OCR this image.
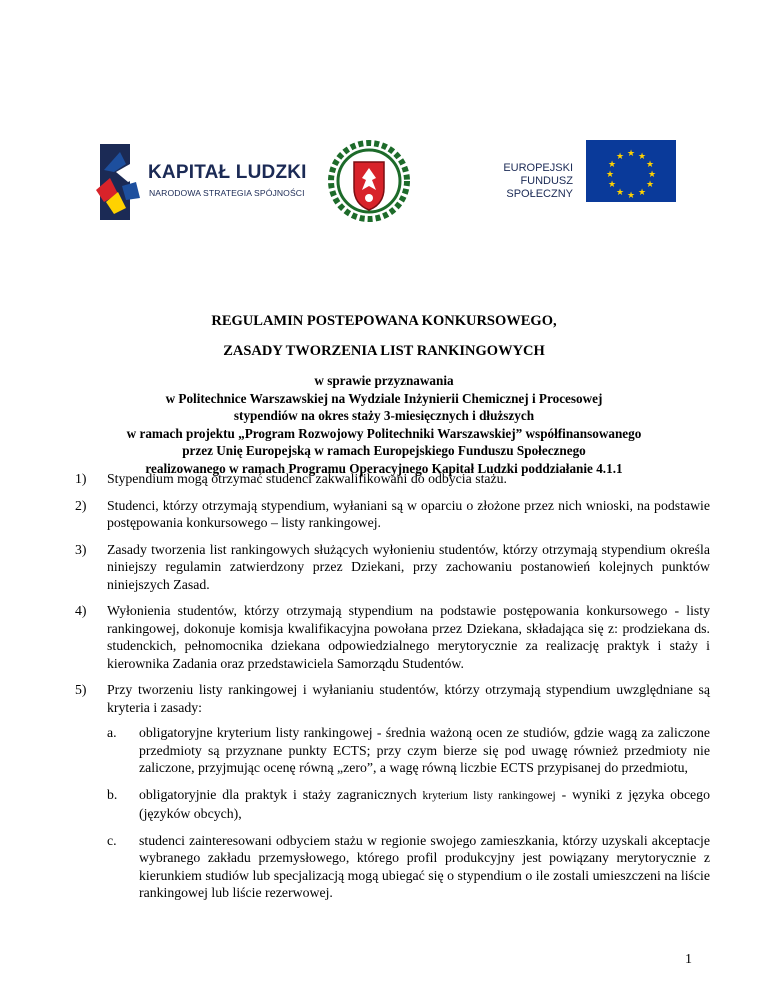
KAPITAŁ LUDZKI
NARODOWA STRATEGIA SPÓJNOŚCI
EUROPEJSKI
FUNDUSZ SPOŁECZNY
★ ★
★
★
★
★
★
★
★
★
★
★
REGULAMIN POSTEPOWANA KONKURSOWEGO,
ZASADY TWORZENIA LIST RANKINGOWYCH
w sprawie przyznawania
w Politechnice Warszawskiej na Wydziale Inżynierii Chemicznej i Procesowej
stypendiów na okres staży 3-miesięcznych i dłuższych
w ramach projektu „Program Rozwojowy Politechniki Warszawskiej” współfinansowanego
przez Unię Europejską w ramach Europejskiego Funduszu Społecznego
realizowanego w ramach Programu Operacyjnego Kapitał Ludzki poddziałanie 4.1.1
1) Stypendium mogą otrzymać studenci zakwalifikowani do odbycia stażu.
2) Studenci, którzy otrzymają stypendium, wyłaniani są w oparciu o złożone przez nich wnioski, na podstawie postępowania konkursowego – listy rankingowej.
3) Zasady tworzenia list rankingowych służących wyłonieniu studentów, którzy otrzymają stypendium określa niniejszy regulamin zatwierdzony przez Dziekani, przy zachowaniu postanowień kolejnych punktów niniejszych Zasad.
4) Wyłonienia studentów, którzy otrzymają stypendium na podstawie postępowania konkursowego - listy rankingowej, dokonuje komisja kwalifikacyjna powołana przez Dziekana, składająca się z: prodziekana ds. studenckich, pełnomocnika dziekana odpowiedzialnego merytorycznie za realizację praktyk i staży i kierownika Zadania oraz przedstawiciela Samorządu Studentów.
5) Przy tworzeniu listy rankingowej i wyłanianiu studentów, którzy otrzymają stypendium uwzględniane są kryteria i zasady:
a. obligatoryjne kryterium listy rankingowej - średnia ważoną ocen ze studiów, gdzie wagą za zaliczone przedmioty są przyznane punkty ECTS; przy czym bierze się pod uwagę również przedmioty nie zaliczone, przyjmując ocenę równą „zero”, a wagę równą liczbie ECTS przypisanej do przedmiotu,
b. obligatoryjnie dla praktyk i staży zagranicznych kryterium listy rankingowej - wyniki z języka obcego (języków obcych),
c. studenci zainteresowani odbyciem stażu w regionie swojego zamieszkania, którzy uzyskali akceptacje wybranego zakładu przemysłowego, którego profil produkcyjny jest powiązany merytorycznie z kierunkiem studiów lub specjalizacją mogą ubiegać się o stypendium o ile zostali umieszczeni na liście rankingowej lub liście rezerwowej.
1
